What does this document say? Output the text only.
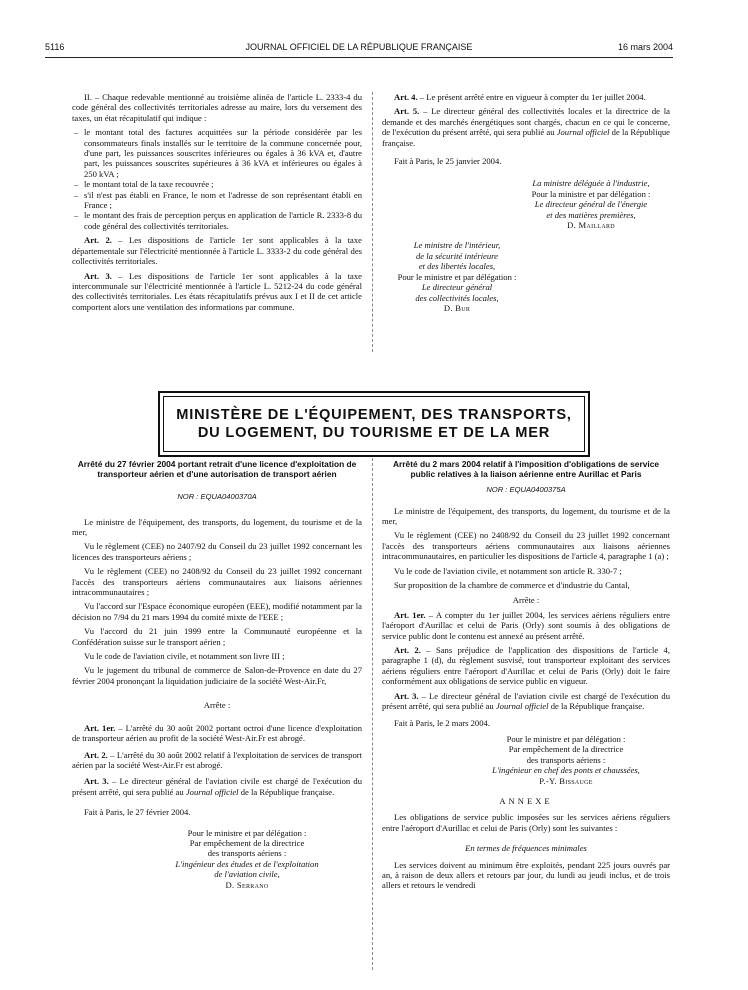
5116	JOURNAL OFFICIEL DE LA RÉPUBLIQUE FRANÇAISE	16 mars 2004

II. – Chaque redevable mentionné au troisième alinéa de l'article L. 2333-4 du code général des collectivités territoriales adresse au maire, lors du versement des taxes, un état récapitulatif qui indique :

– le montant total des factures acquittées sur la période considérée par les consommateurs finals installés sur le territoire de la commune concernée pour, d'une part, les puissances souscrites inférieures ou égales à 36 kVA et, d'autre part, les puissances souscrites supérieures à 36 kVA et inférieures ou égales à 250 kVA ;
– le montant total de la taxe recouvrée ;
– s'il n'est pas établi en France, le nom et l'adresse de son représentant établi en France ;
– le montant des frais de perception perçus en application de l'article R. 2333-8 du code général des collectivités territoriales.

Art. 2. – Les dispositions de l'article 1er sont applicables à la taxe départementale sur l'électricité mentionnée à l'article L. 3333-2 du code général des collectivités territoriales.

Art. 3. – Les dispositions de l'article 1er sont applicables à la taxe intercommunale sur l'électricité mentionnée à l'article L. 5212-24 du code général des collectivités territoriales. Les états récapitulatifs prévus aux I et II de cet article comportent alors une ventilation des informations par commune.

Art. 4. – Le présent arrêté entre en vigueur à compter du 1er juillet 2004.

Art. 5. – Le directeur général des collectivités locales et la directrice de la demande et des marchés énergétiques sont chargés, chacun en ce qui le concerne, de l'exécution du présent arrêté, qui sera publié au Journal officiel de la République française.

Fait à Paris, le 25 janvier 2004.

La ministre déléguée à l'industrie,
Pour la ministre et par délégation :
Le directeur général de l'énergie
et des matières premières,
D. Maillard
Le ministre de l'intérieur,
de la sécurité intérieure
et des libertés locales,
Pour le ministre et par délégation :
Le directeur général
des collectivités locales,
D. Bur
MINISTÈRE DE L'ÉQUIPEMENT, DES TRANSPORTS,
DU LOGEMENT, DU TOURISME ET DE LA MER

Arrêté du 27 février 2004 portant retrait d'une licence d'exploitation de transporteur aérien et d'une autorisation de transport aérien

NOR : EQUA0400370A

Le ministre de l'équipement, des transports, du logement, du tourisme et de la mer,

Vu le règlement (CEE) no 2407/92 du Conseil du 23 juillet 1992 concernant les licences des transporteurs aériens ;

Vu le règlement (CEE) no 2408/92 du Conseil du 23 juillet 1992 concernant l'accès des transporteurs aériens communautaires aux liaisons aériennes intracommunautaires ;

Vu l'accord sur l'Espace économique européen (EEE), modifié notamment par la décision no 7/94 du 21 mars 1994 du comité mixte de l'EEE ;

Vu l'accord du 21 juin 1999 entre la Communauté européenne et la Confédération suisse sur le transport aérien ;

Vu le code de l'aviation civile, et notamment son livre III ;

Vu le jugement du tribunal de commerce de Salon-de-Provence en date du 27 février 2004 prononçant la liquidation judiciaire de la société West-Air.Fr,

Arrête :

Art. 1er. – L'arrêté du 30 août 2002 portant octroi d'une licence d'exploitation de transporteur aérien au profit de la société West-Air.Fr est abrogé.

Art. 2. – L'arrêté du 30 août 2002 relatif à l'exploitation de services de transport aérien par la société West-Air.Fr est abrogé.

Art. 3. – Le directeur général de l'aviation civile est chargé de l'exécution du présent arrêté, qui sera publié au Journal officiel de la République française.

Fait à Paris, le 27 février 2004.

Pour le ministre et par délégation :
Par empêchement de la directrice
des transports aériens :
L'ingénieur des études et de l'exploitation
de l'aviation civile,
D. Serrano

Arrêté du 2 mars 2004 relatif à l'imposition d'obligations de service public relatives à la liaison aérienne entre Aurillac et Paris

NOR : EQUA0400375A

Le ministre de l'équipement, des transports, du logement, du tourisme et de la mer,

Vu le règlement (CEE) no 2408/92 du Conseil du 23 juillet 1992 concernant l'accès des transporteurs aériens communautaires aux liaisons aériennes intracommunautaires, en particulier les dispositions de l'article 4, paragraphe 1 (a) ;

Vu le code de l'aviation civile, et notamment son article R. 330-7 ;

Sur proposition de la chambre de commerce et d'industrie du Cantal,

Arrête :

Art. 1er. – A compter du 1er juillet 2004, les services aériens réguliers entre l'aéroport d'Aurillac et celui de Paris (Orly) sont soumis à des obligations de service public dont le contenu est annexé au présent arrêté.

Art. 2. – Sans préjudice de l'application des dispositions de l'article 4, paragraphe 1 (d), du règlement susvisé, tout transporteur exploitant des services aériens réguliers entre l'aéroport d'Aurillac et celui de Paris (Orly) doit le faire conformément aux obligations de service public en vigueur.

Art. 3. – Le directeur général de l'aviation civile est chargé de l'exécution du présent arrêté, qui sera publié au Journal officiel de la République française.

Fait à Paris, le 2 mars 2004.

Pour le ministre et par délégation :
Par empêchement de la directrice
des transports aériens :
L'ingénieur en chef des ponts et chaussées,
P.-Y. Bissauge

ANNEXE

Les obligations de service public imposées sur les services aériens réguliers entre l'aéroport d'Aurillac et celui de Paris (Orly) sont les suivantes :

En termes de fréquences minimales

Les services doivent au minimum être exploités, pendant 225 jours ouvrés par an, à raison de deux allers et retours par jour, du lundi au jeudi inclus, et de trois allers et retours le vendredi
